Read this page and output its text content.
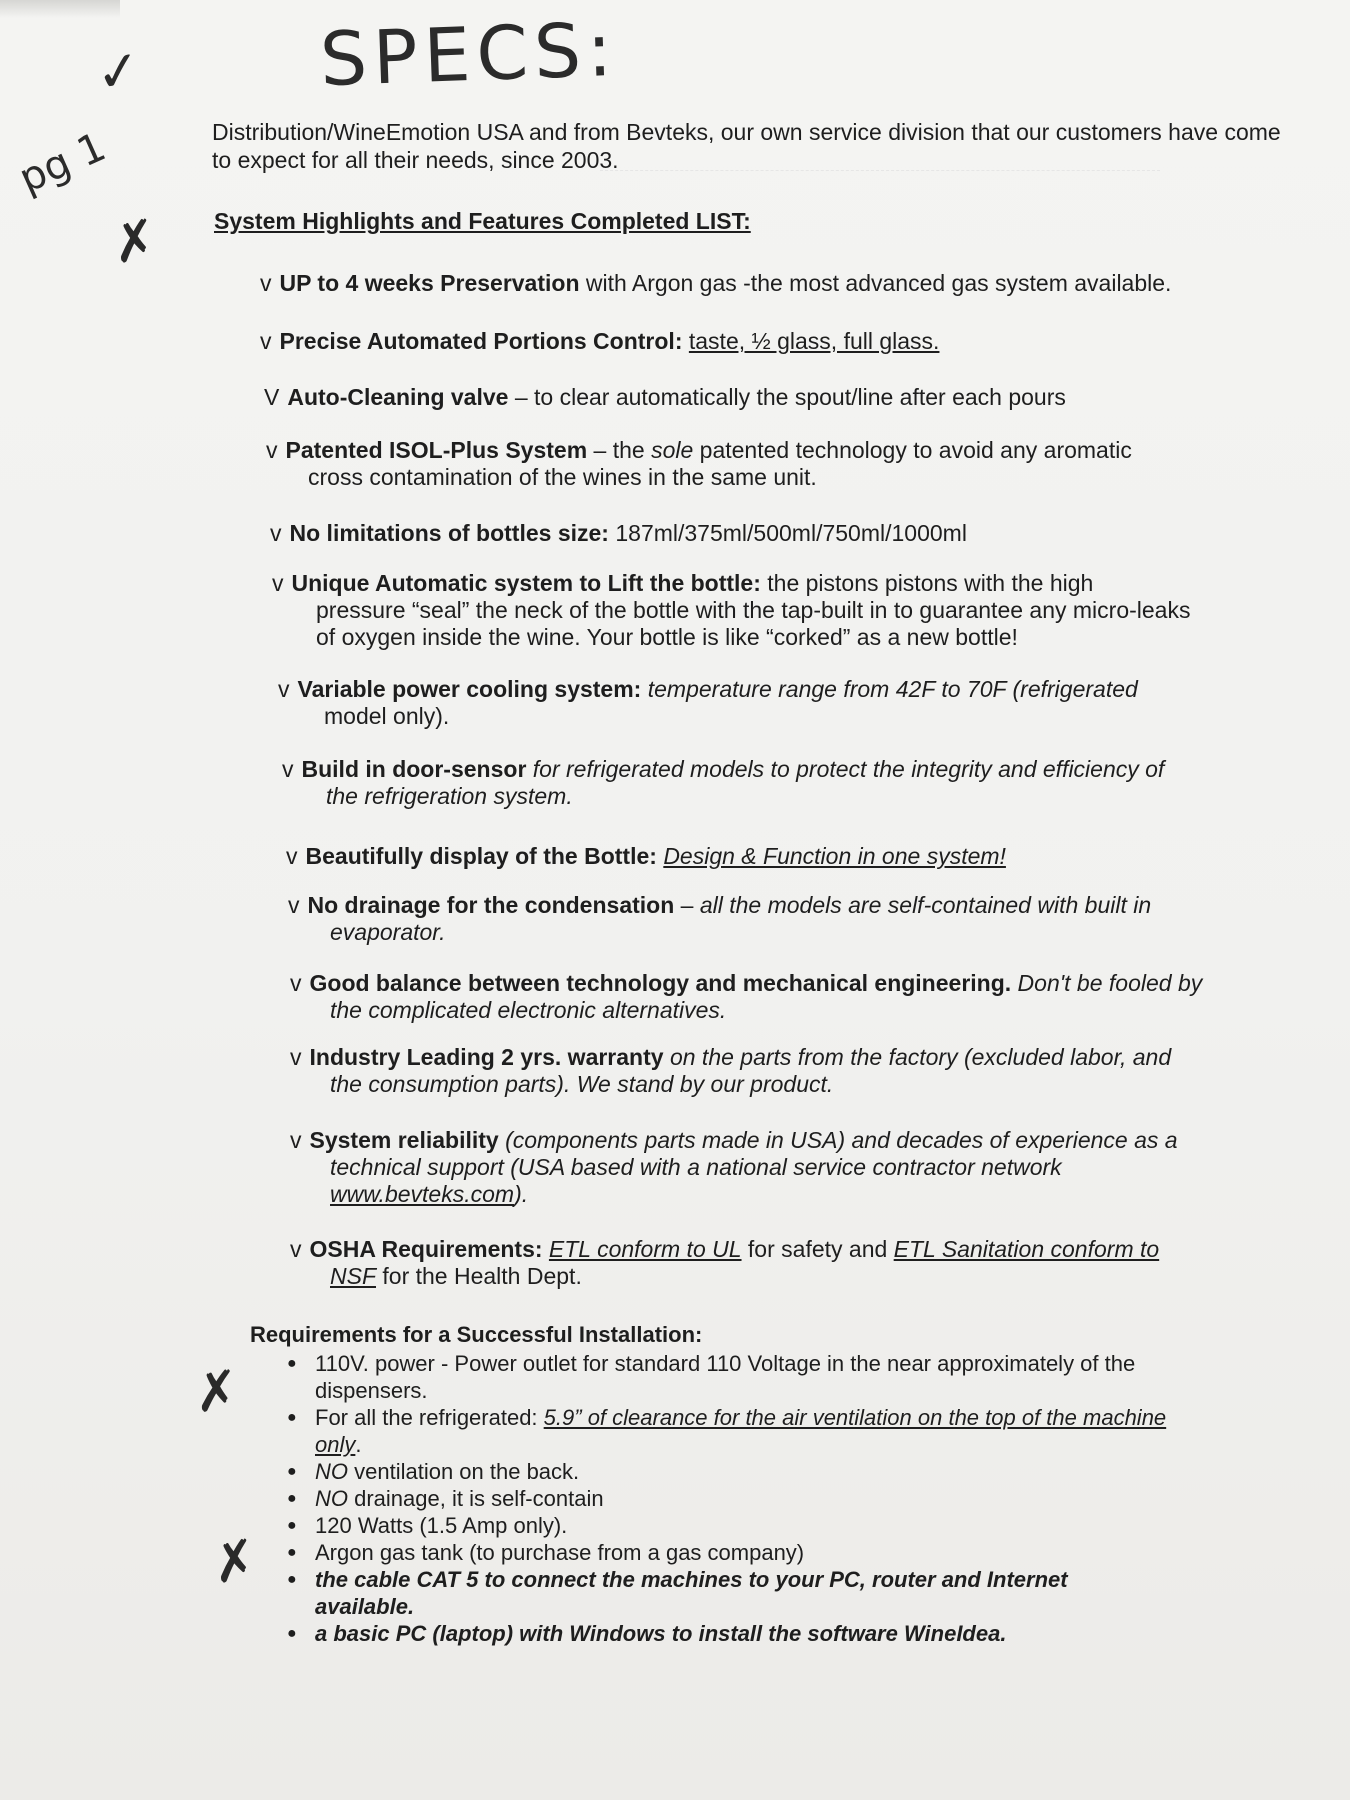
SPECS:
✓
pg 1
✗
✗
✗
Distribution/WineEmotion USA and from Bevteks, our own service division that our customers have come to expect for all their needs, since 2003.
System Highlights and Features Completed LIST:
v UP to 4 weeks Preservation with Argon gas -the most advanced gas system available.
v Precise Automated Portions Control: taste, ½ glass, full glass.
V Auto-Cleaning valve – to clear automatically the spout/line after each pours
v Patented ISOL-Plus System – the sole patented technology to avoid any aromatic
cross contamination of the wines in the same unit.
v No limitations of bottles size: 187ml/375ml/500ml/750ml/1000ml
v Unique Automatic system to Lift the bottle: the pistons pistons with the high
pressure “seal” the neck of the bottle with the tap-built in to guarantee any micro-leaks
of oxygen inside the wine. Your bottle is like “corked” as a new bottle!
v Variable power cooling system: temperature range from 42F to 70F (refrigerated
model only).
v Build in door-sensor for refrigerated models to protect the integrity and efficiency of
the refrigeration system.
v Beautifully display of the Bottle: Design & Function in one system!
v No drainage for the condensation – all the models are self-contained with built in
evaporator.
v Good balance between technology and mechanical engineering. Don't be fooled by
the complicated electronic alternatives.
v Industry Leading 2 yrs. warranty on the parts from the factory (excluded labor, and
the consumption parts). We stand by our product.
v System reliability (components parts made in USA) and decades of experience as a
technical support (USA based with a national service contractor network
www.bevteks.com).
v OSHA Requirements: ETL conform to UL for safety and ETL Sanitation conform to
NSF for the Health Dept.
Requirements for a Successful Installation:
● 110V. power - Power outlet for standard 110 Voltage in the near approximately of the
dispensers.
● For all the refrigerated: 5.9” of clearance for the air ventilation on the top of the machine
only.
● NO ventilation on the back.
● NO drainage, it is self-contain
● 120 Watts (1.5 Amp only).
● Argon gas tank (to purchase from a gas company)
● the cable CAT 5 to connect the machines to your PC, router and Internet
available.
● a basic PC (laptop) with Windows to install the software WineIdea.
